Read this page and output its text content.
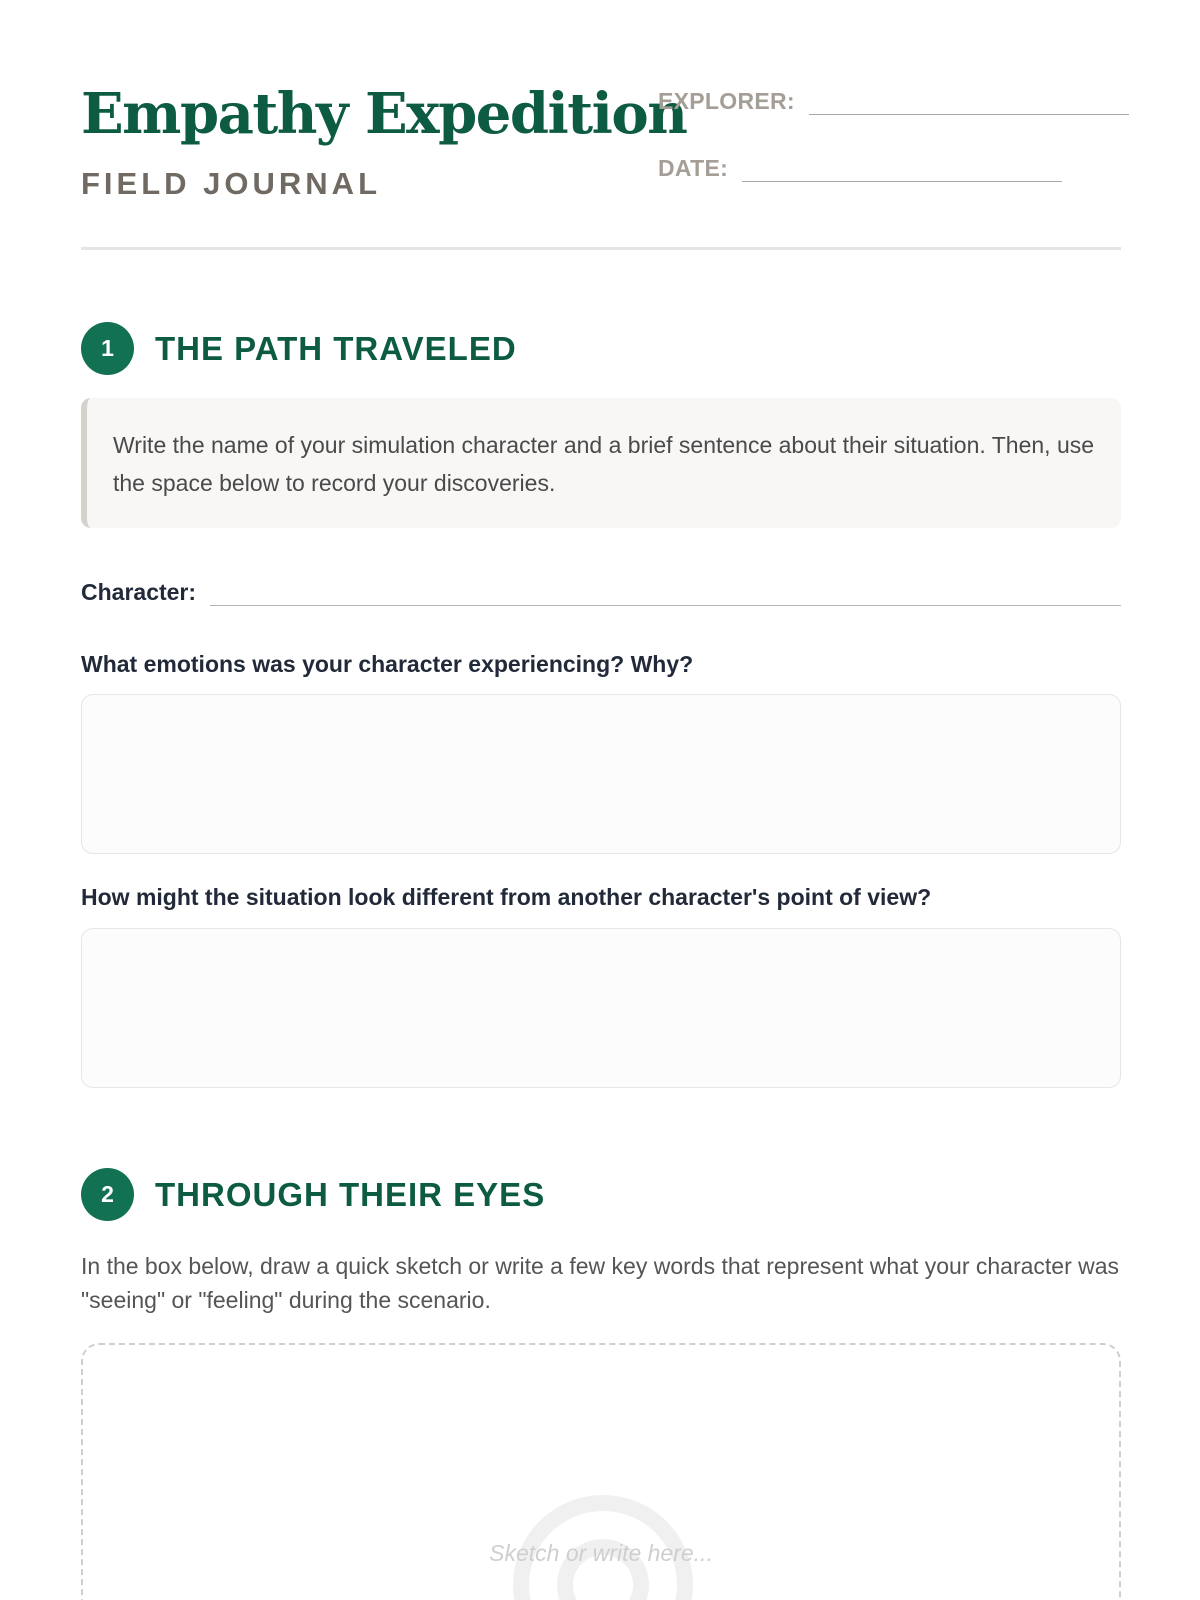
Empathy Expedition
FIELD JOURNAL
EXPLORER:
DATE:
1	THE PATH TRAVELED
Write the name of your simulation character and a brief sentence about their situation. Then, use the space below to record your discoveries.
Character:
What emotions was your character experiencing? Why?
How might the situation look different from another character's point of view?
2	THROUGH THEIR EYES
In the box below, draw a quick sketch or write a few key words that represent what your character was "seeing" or "feeling" during the scenario.
Sketch or write here...
